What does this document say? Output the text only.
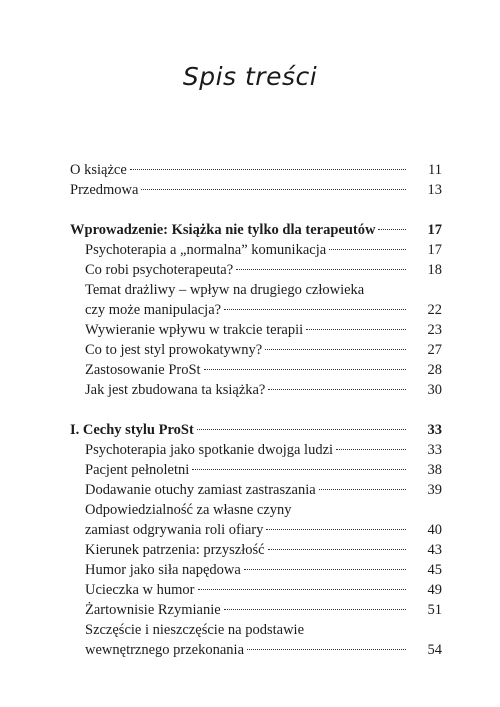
Spis treści
O książce	11
Przedmowa	13
Wprowadzenie: Książka nie tylko dla terapeutów	17
Psychoterapia a „normalna” komunikacja	17
Co robi psychoterapeuta?	18
Temat drażliwy – wpływ na drugiego człowieka
czy może manipulacja?	22
Wywieranie wpływu w trakcie terapii	23
Co to jest styl prowokatywny?	27
Zastosowanie ProSt	28
Jak jest zbudowana ta książka?	30
I. Cechy stylu ProSt	33
Psychoterapia jako spotkanie dwojga ludzi	33
Pacjent pełnoletni	38
Dodawanie otuchy zamiast zastraszania	39
Odpowiedzialność za własne czyny
zamiast odgrywania roli ofiary	40
Kierunek patrzenia: przyszłość	43
Humor jako siła napędowa	45
Ucieczka w humor	49
Żartownisie Rzymianie	51
Szczęście i nieszczęście na podstawie
wewnętrznego przekonania	54
